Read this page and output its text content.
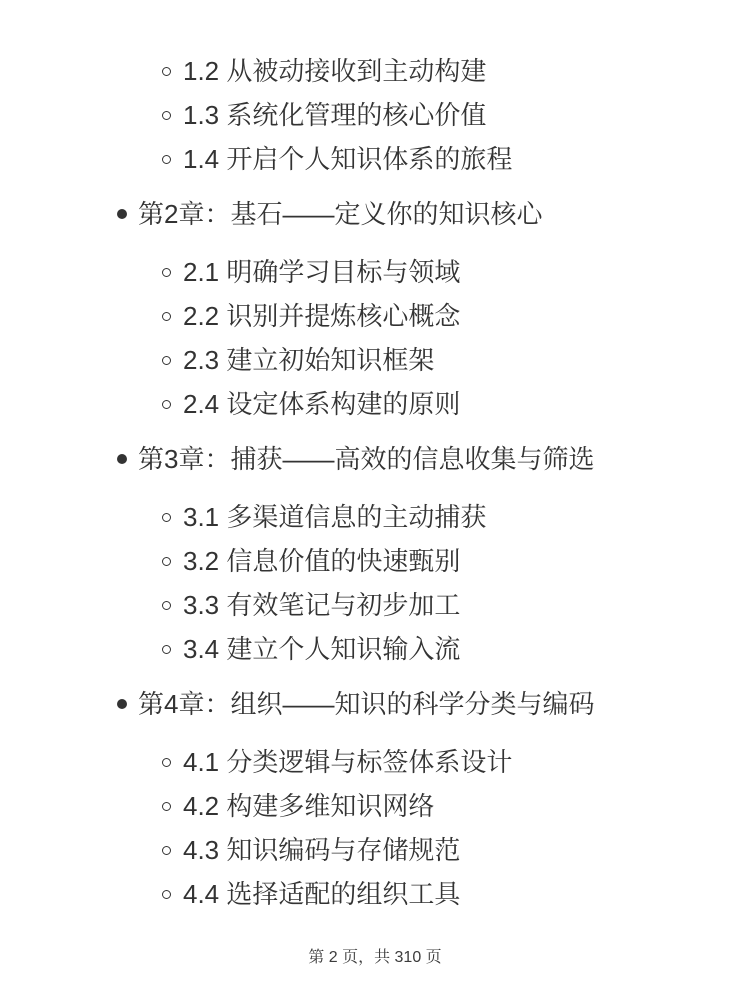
1.2 从被动接收到主动构建
1.3 系统化管理的核心价值
1.4 开启个人知识体系的旅程
第2章：基石——定义你的知识核心
2.1 明确学习目标与领域
2.2 识别并提炼核心概念
2.3 建立初始知识框架
2.4 设定体系构建的原则
第3章：捕获——高效的信息收集与筛选
3.1 多渠道信息的主动捕获
3.2 信息价值的快速甄别
3.3 有效笔记与初步加工
3.4 建立个人知识输入流
第4章：组织——知识的科学分类与编码
4.1 分类逻辑与标签体系设计
4.2 构建多维知识网络
4.3 知识编码与存储规范
4.4 选择适配的组织工具
第 2 页，共 310 页
